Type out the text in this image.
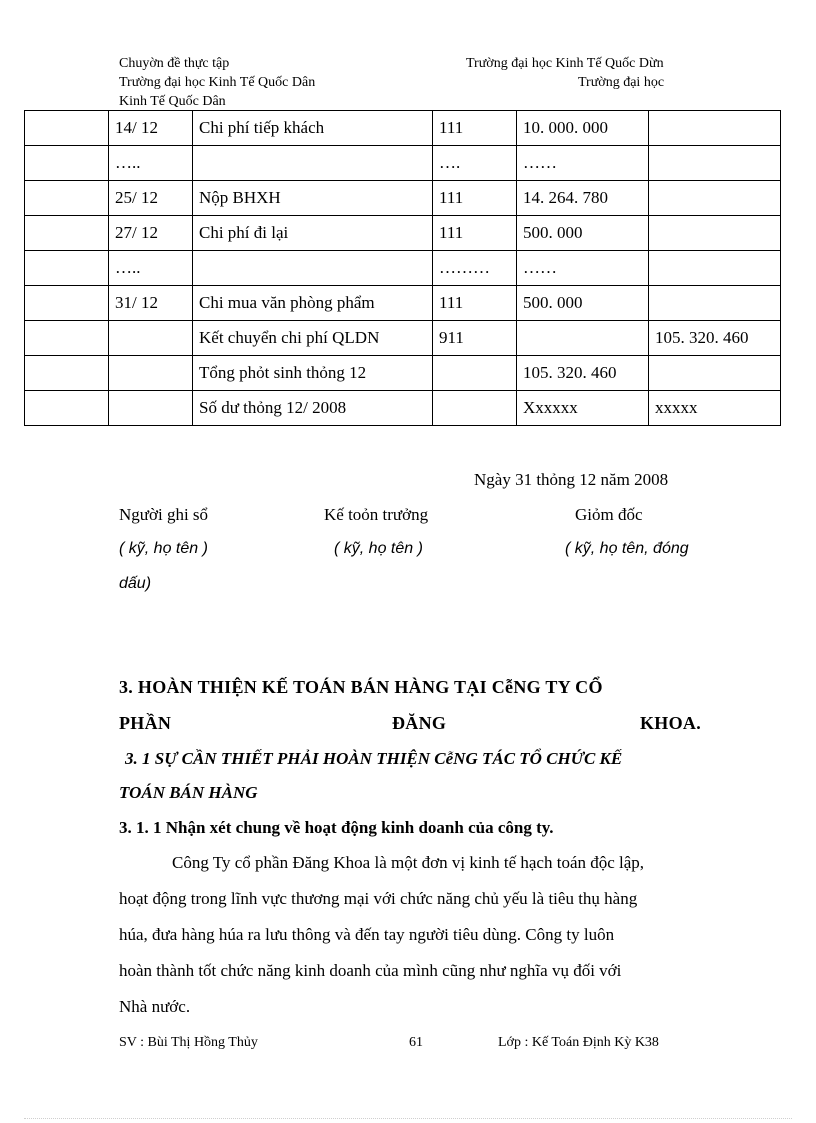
Chuyờn đề thực tập	Trường đại học Kinh Tế Quốc Dừn
Trường đại học Kinh Tế Quốc Dân	Trường đại học
Kinh Tế Quốc Dân
	14/ 12	Chi phí tiếp khách	111	10. 000. 000	
	…..		….	……	
	25/ 12	Nộp BHXH	111	14. 264. 780	
	27/ 12	Chi phí đi lại	111	500. 000	
	…..		………	……	
	31/ 12	Chi mua văn phòng phẩm	111	500. 000	
		Kết chuyển chi phí QLDN	911		105. 320. 460
		Tổng phỏt sinh thỏng 12		105. 320. 460	
		Số dư thỏng 12/ 2008		Xxxxxx	xxxxx
Ngày 31 thỏng 12 năm 2008
Người ghi sổ	Kế toỏn trưởng	Giỏm đốc
( kỹ, họ tên )	( kỹ, họ tên )	( kỹ, họ tên, đóng
dấu)
3. HOÀN THIỆN KẾ TOÁN BÁN HÀNG TẠI CễNG TY CỔ
PHẦN	ĐĂNG	KHOA.
3. 1 SỰ CẦN THIẾT PHẢI HOÀN THIỆN CễNG TÁC TỔ CHỨC KẾ
TOÁN BÁN HÀNG
3. 1. 1 Nhận xét chung về hoạt động kinh doanh của công ty.
Công Ty cổ phần Đăng Khoa là một đơn vị kinh tế hạch toán độc lập,
hoạt động trong lĩnh vực thương mại với chức năng chủ yếu là tiêu thụ hàng
húa, đưa hàng húa ra lưu thông và đến tay người tiêu dùng. Công ty luôn
hoàn thành tốt chức năng kinh doanh của mình cũng như nghĩa vụ đối với
Nhà nước.
SV : Bùi Thị Hồng Thủy	61	Lớp : Kế Toán Định Kỳ K38
